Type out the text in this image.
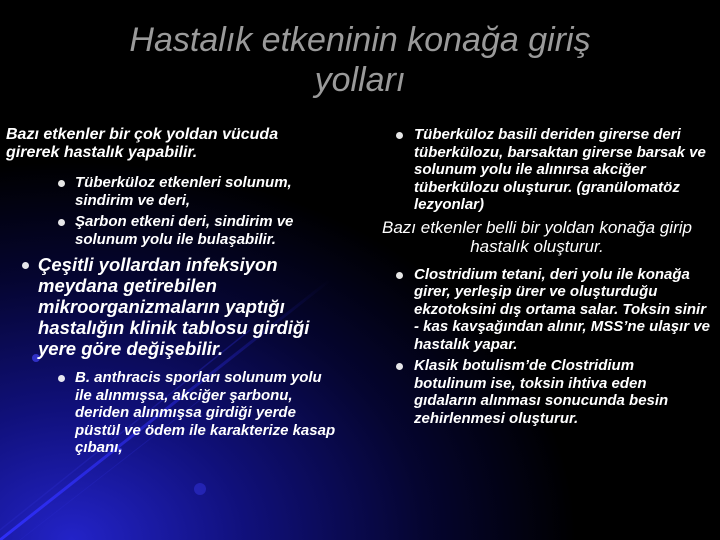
Hastalık etkeninin konağa giriş
yolları
Bazı etkenler bir çok yoldan vücuda girerek hastalık yapabilir.
Tüberküloz etkenleri solunum, sindirim ve deri,
Şarbon etkeni deri, sindirim ve solunum yolu ile bulaşabilir.
Çeşitli yollardan infeksiyon meydana getirebilen mikroorganizmaların yaptığı hastalığın klinik tablosu girdiği yere göre değişebilir.
B. anthracis sporları solunum yolu ile alınmışsa, akciğer şarbonu, deriden alınmışsa girdiği yerde püstül ve ödem ile karakterize kasap çıbanı,
Tüberküloz basili deriden girerse deri tüberkülozu, barsaktan girerse barsak ve solunum yolu ile alınırsa akciğer tüberkülozu oluşturur. (granülomatöz lezyonlar)
Bazı etkenler belli bir yoldan konağa girip hastalık oluşturur.
Clostridium tetani, deri yolu ile konağa girer, yerleşip ürer ve oluşturduğu ekzotoksini dış ortama salar. Toksin sinir - kas kavşağından alınır, MSS’ne ulaşır ve hastalık yapar.
Klasik botulism’de Clostridium botulinum ise, toksin ihtiva eden gıdaların alınması sonucunda besin zehirlenmesi oluşturur.
